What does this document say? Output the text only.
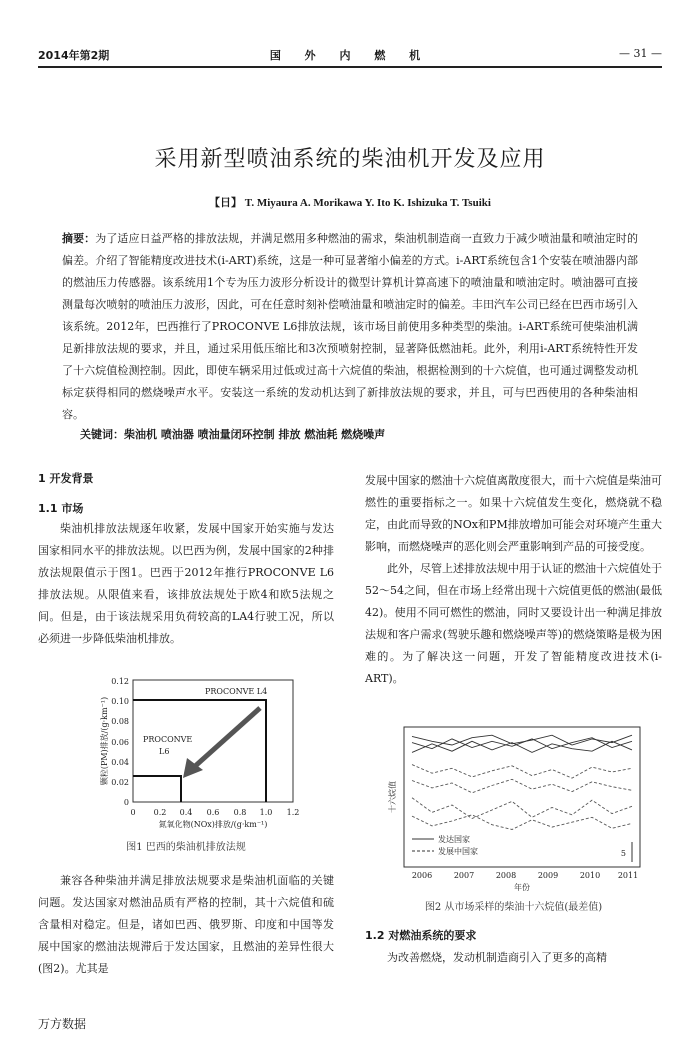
2014年第2期	国 外 内 燃 机	— 31 —
采用新型喷油系统的柴油机开发及应用
【日】 T. Miyaura A. Morikawa Y. Ito K. Ishizuka T. Tsuiki
摘要：为了适应日益严格的排放法规，并满足燃用多种燃油的需求，柴油机制造商一直致力于减少喷油量和喷油定时的偏差。介绍了智能精度改进技术(i-ART)系统，这是一种可显著缩小偏差的方式。i-ART系统包含1个安装在喷油器内部的燃油压力传感器。该系统用1个专为压力波形分析设计的微型计算机计算高速下的喷油量和喷油定时。喷油器可直接测量每次喷射的喷油压力波形，因此，可在任意时刻补偿喷油量和喷油定时的偏差。丰田汽车公司已经在巴西市场引入该系统。2012年，巴西推行了PROCONVE L6排放法规，该市场目前使用多种类型的柴油。i-ART系统可使柴油机满足新排放法规的要求，并且，通过采用低压缩比和3次预喷射控制，显著降低燃油耗。此外，利用i-ART系统特性开发了十六烷值检测控制。因此，即使车辆采用过低或过高十六烷值的柴油，根据检测到的十六烷值，也可通过调整发动机标定获得相同的燃烧噪声水平。安装这一系统的发动机达到了新排放法规的要求，并且，可与巴西使用的各种柴油相容。
关键词：柴油机 喷油器 喷油量闭环控制 排放 燃油耗 燃烧噪声
1 开发背景
1.1 市场

柴油机排放法规逐年收紧，发展中国家开始实施与发达国家相同水平的排放法规。以巴西为例，发展中国家的2种排放法规限值示于图1。巴西于2012年推行PROCONVE L6排放法规。从限值来看，该排放法规处于欧4和欧5法规之间。但是，由于该法规采用负荷较高的LA4行驶工况，所以必须进一步降低柴油机排放。

0
0.02
0.04
0.06
0.08
0.10
0.12
0 0.2 0.4 0.6 0.8 1.0 1.2
PROCONVE L4
PROCONVE
L6
氮氧化物(NOx)排放/(g·km⁻¹)
颗粒(PM)排放/(g·km⁻¹)
图1 巴西的柴油机排放法规

兼容各种柴油并满足排放法规要求是柴油机面临的关键问题。发达国家对燃油品质有严格的控制，其十六烷值和硫含量相对稳定。但是，诸如巴西、俄罗斯、印度和中国等发展中国家的燃油法规滞后于发达国家，且燃油的差异性很大(图2)。尤其是

发展中国家的燃油十六烷值离散度很大，而十六烷值是柴油可燃性的重要指标之一。如果十六烷值发生变化，燃烧就不稳定，由此而导致的NOx和PM排放增加可能会对环境产生重大影响，而燃烧噪声的恶化则会严重影响到产品的可接受度。

此外，尽管上述排放法规中用于认证的燃油十六烷值处于52～54之间，但在市场上经常出现十六烷值更低的燃油(最低42)。使用不同可燃性的燃油，同时又要设计出一种满足排放法规和客户需求(驾驶乐趣和燃烧噪声等)的燃烧策略是极为困难的。为了解决这一问题，开发了智能精度改进技术(i-ART)。

发达国家
发展中国家	5
2006	2007	2008	2009	2010 2011
年份
十六烷值
图2 从市场采样的柴油十六烷值(最差值)
1.2 对燃油系统的要求

为改善燃烧，发动机制造商引入了更多的高精

万方数据
